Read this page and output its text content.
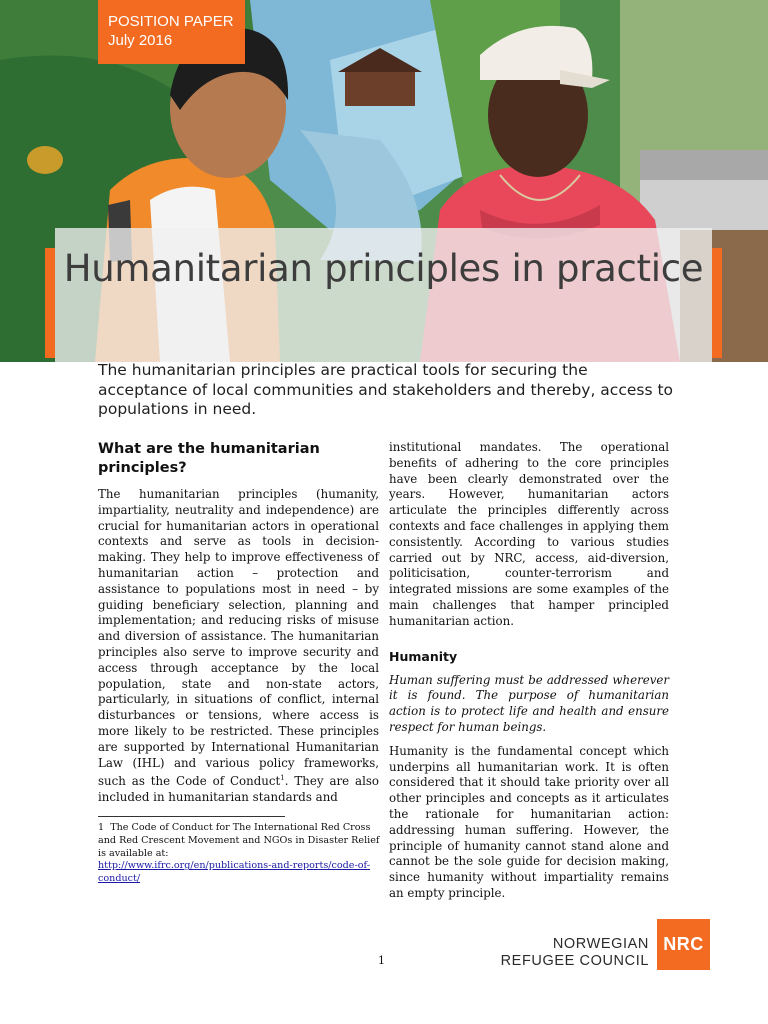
POSITION PAPER
July 2016
Humanitarian principles in practice

The humanitarian principles are practical tools for securing the acceptance of local communities and stakeholders and thereby, access to populations in need.

What are the humanitarian principles?

The humanitarian principles (humanity, impartiality, neutrality and independence) are crucial for humanitarian actors in operational contexts and serve as tools in decision-making. They help to improve effectiveness of humanitarian action – protection and assistance to populations most in need – by guiding beneficiary selection, planning and implementation; and reducing risks of misuse and diversion of assistance. The humanitarian principles also serve to improve security and access through acceptance by the local population, state and non-state actors, particularly, in situations of conflict, internal disturbances or tensions, where access is more likely to be restricted. These principles are supported by International Humanitarian Law (IHL) and various policy frameworks, such as the Code of Conduct$^1$. They are also included in humanitarian standards and

institutional mandates. The operational benefits of adhering to the core principles have been clearly demonstrated over the years. However, humanitarian actors articulate the principles differently across contexts and face challenges in applying them consistently. According to various studies carried out by NRC, access, aid-diversion, politicisation, counter-terrorism and integrated missions are some examples of the main challenges that hamper principled humanitarian action.

Humanity

Human suffering must be addressed wherever it is found. The purpose of humanitarian action is to protect life and health and ensure respect for human beings.

Humanity is the fundamental concept which underpins all humanitarian work. It is often considered that it should take priority over all other principles and concepts as it articulates the rationale for humanitarian action: addressing human suffering. However, the principle of humanity cannot stand alone and cannot be the sole guide for decision making, since humanity without impartiality remains an empty principle.

1 The Code of Conduct for The International Red Cross and Red Crescent Movement and NGOs in Disaster Relief is available at:
http://www.ifrc.org/en/publications-and-reports/code-of-conduct/
1
NORWEGIAN
REFUGEE COUNCIL
NRC
